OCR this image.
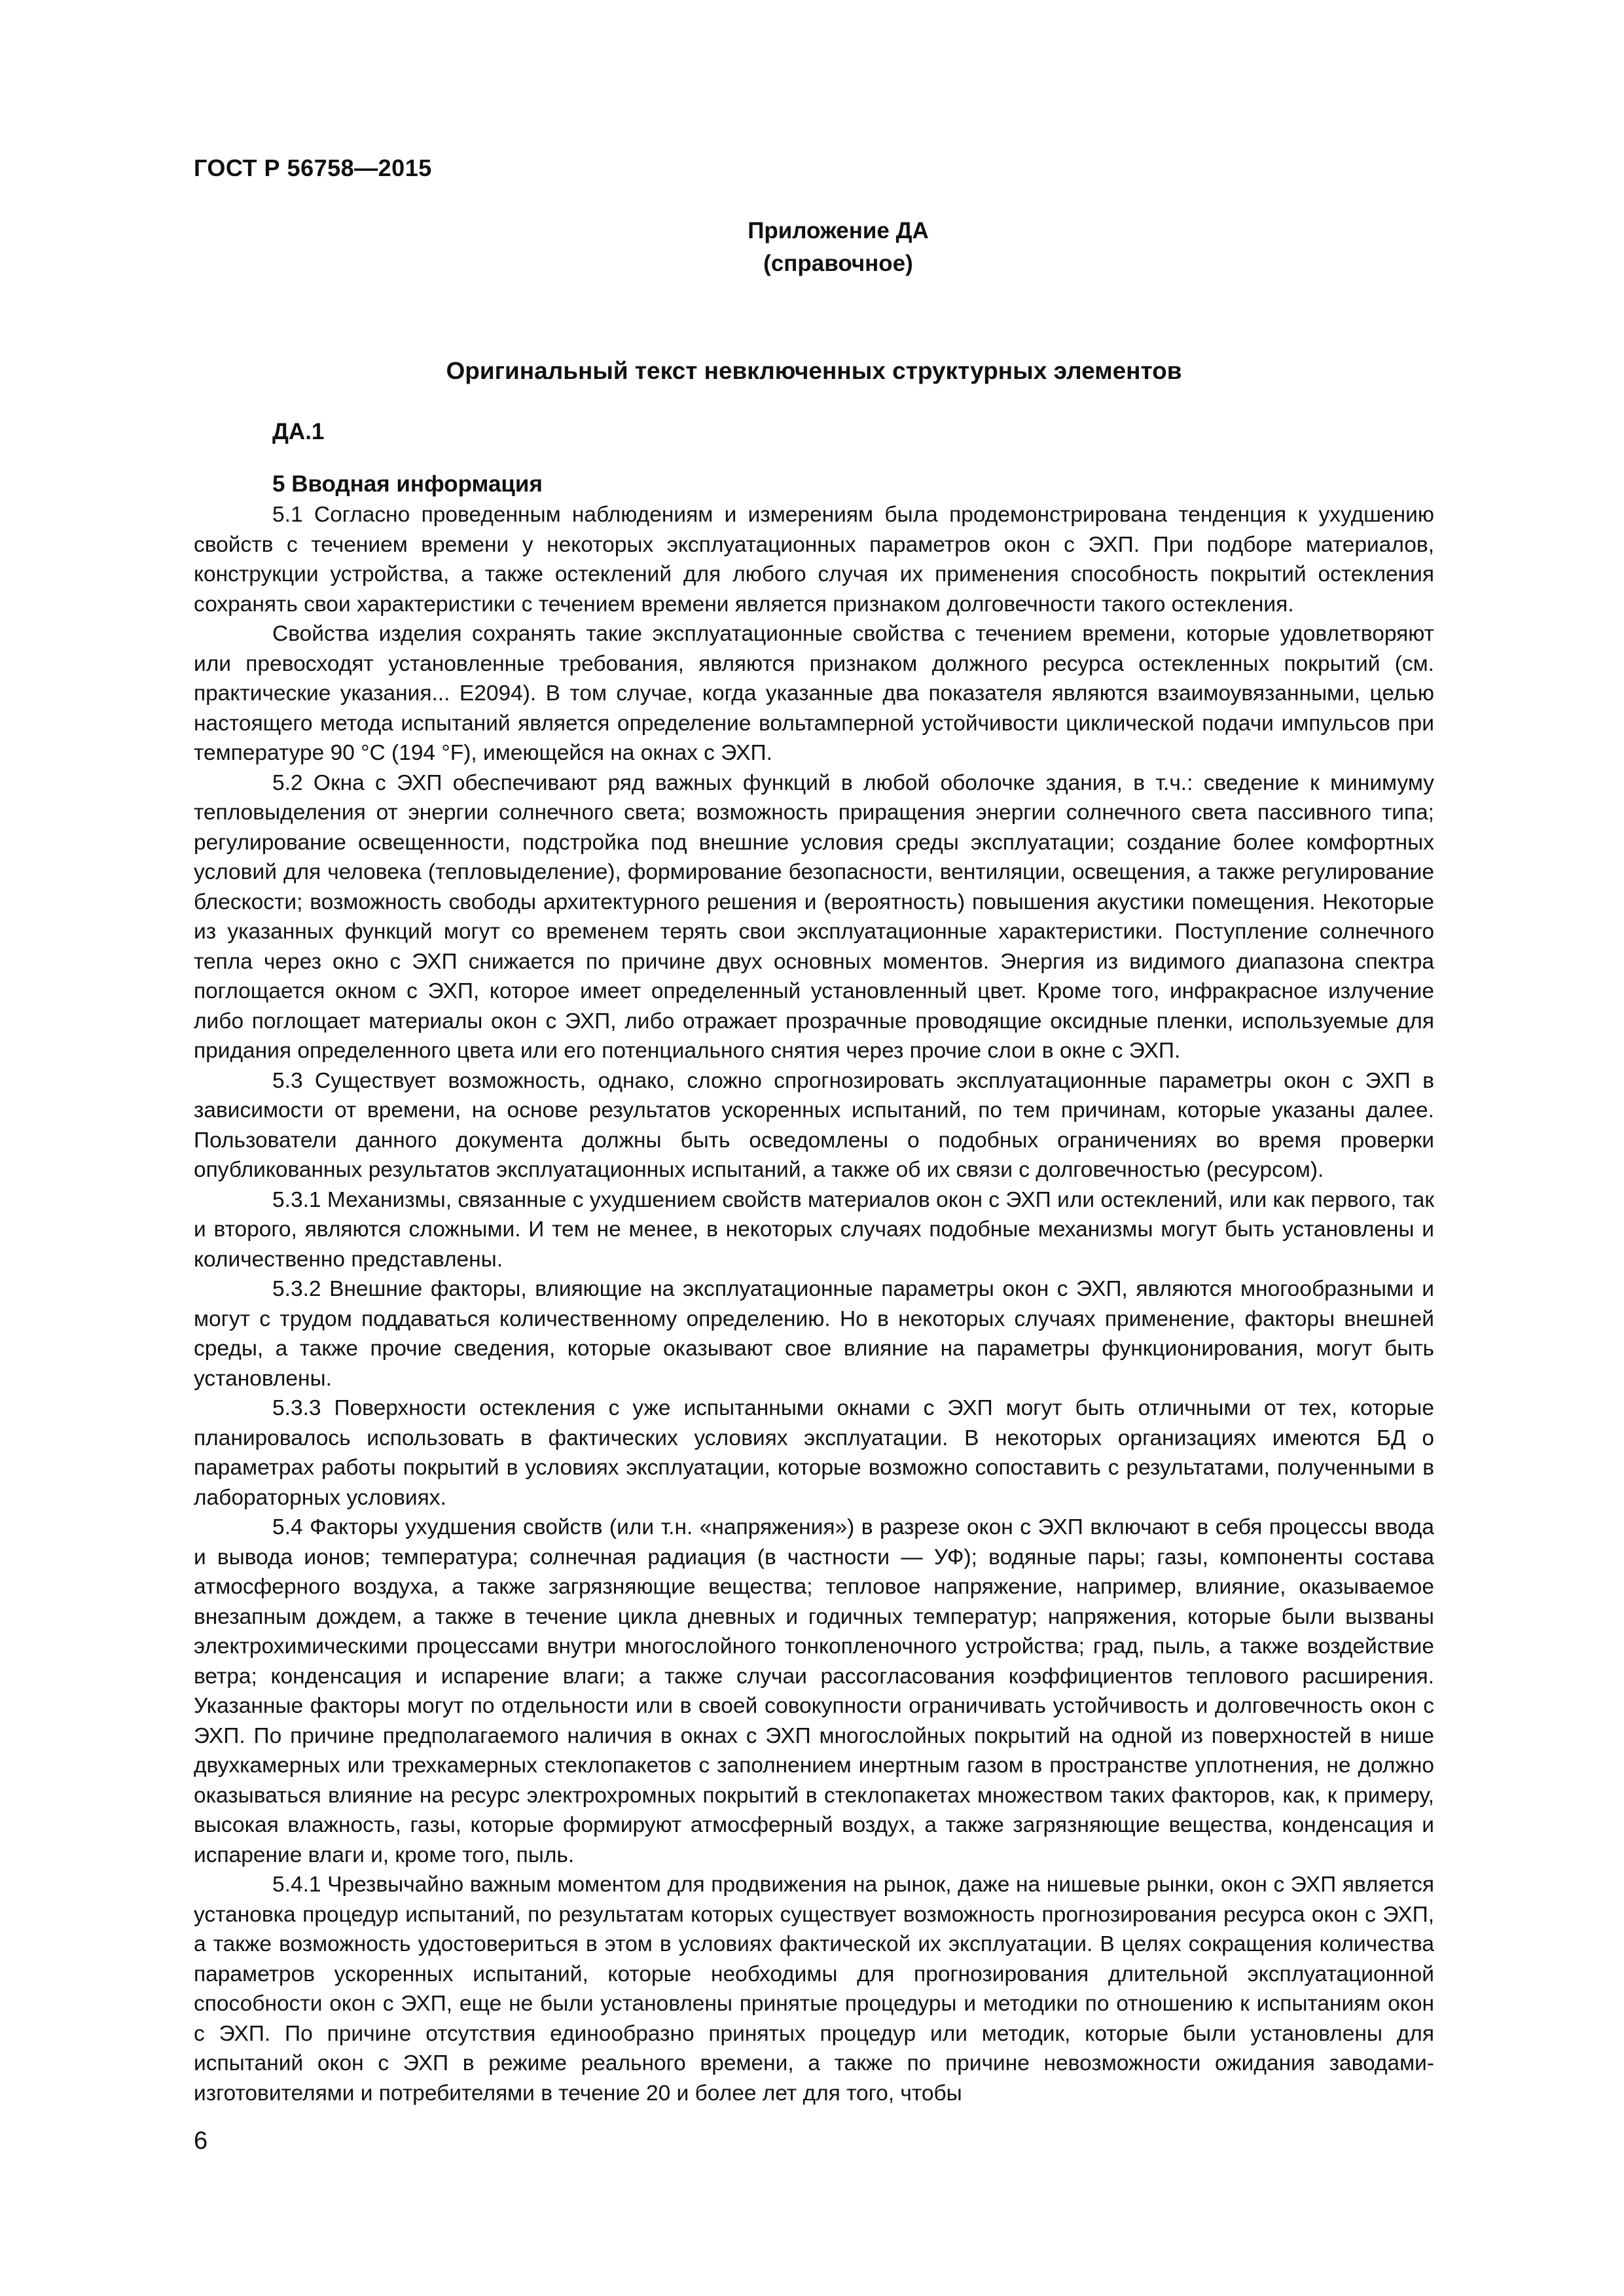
ГОСТ Р 56758—2015
Приложение ДА
(справочное)
Оригинальный текст невключенных структурных элементов
ДА.1
5 Вводная информация

5.1 Согласно проведенным наблюдениям и измерениям была продемонстрирована тенденция к ухудшению свойств с течением времени у некоторых эксплуатационных параметров окон с ЭХП. При подборе материалов, конструкции устройства, а также остеклений для любого случая их применения способность покрытий остекления сохранять свои характеристики с течением времени является признаком долговечности такого остекления.

Свойства изделия сохранять такие эксплуатационные свойства с течением времени, которые удовлетворяют или превосходят установленные требования, являются признаком должного ресурса остекленных покрытий (см. практические указания... E2094). В том случае, когда указанные два показателя являются взаимоувязанными, целью настоящего метода испытаний является определение вольтамперной устойчивости циклической подачи импульсов при температуре 90 °С (194 °F), имеющейся на окнах с ЭХП.

5.2 Окна с ЭХП обеспечивают ряд важных функций в любой оболочке здания, в т.ч.: сведение к минимуму тепловыделения от энергии солнечного света; возможность приращения энергии солнечного света пассивного типа; регулирование освещенности, подстройка под внешние условия среды эксплуатации; создание более комфортных условий для человека (тепловыделение), формирование безопасности, вентиляции, освещения, а также регулирование блескости; возможность свободы архитектурного решения и (вероятность) повышения акустики помещения. Некоторые из указанных функций могут со временем терять свои эксплуатационные характеристики. Поступление солнечного тепла через окно с ЭХП снижается по причине двух основных моментов. Энергия из видимого диапазона спектра поглощается окном с ЭХП, которое имеет определенный установленный цвет. Кроме того, инфракрасное излучение либо поглощает материалы окон с ЭХП, либо отражает прозрачные проводящие оксидные пленки, используемые для придания определенного цвета или его потенциального снятия через прочие слои в окне с ЭХП.

5.3 Существует возможность, однако, сложно спрогнозировать эксплуатационные параметры окон с ЭХП в зависимости от времени, на основе результатов ускоренных испытаний, по тем причинам, которые указаны далее. Пользователи данного документа должны быть осведомлены о подобных ограничениях во время проверки опубликованных результатов эксплуатационных испытаний, а также об их связи с долговечностью (ресурсом).

5.3.1 Механизмы, связанные с ухудшением свойств материалов окон с ЭХП или остеклений, или как первого, так и второго, являются сложными. И тем не менее, в некоторых случаях подобные механизмы могут быть установлены и количественно представлены.

5.3.2 Внешние факторы, влияющие на эксплуатационные параметры окон с ЭХП, являются многообразными и могут с трудом поддаваться количественному определению. Но в некоторых случаях применение, факторы внешней среды, а также прочие сведения, которые оказывают свое влияние на параметры функционирования, могут быть установлены.

5.3.3 Поверхности остекления с уже испытанными окнами с ЭХП могут быть отличными от тех, которые планировалось использовать в фактических условиях эксплуатации. В некоторых организациях имеются БД о параметрах работы покрытий в условиях эксплуатации, которые возможно сопоставить с результатами, полученными в лабораторных условиях.

5.4 Факторы ухудшения свойств (или т.н. «напряжения») в разрезе окон с ЭХП включают в себя процессы ввода и вывода ионов; температура; солнечная радиация (в частности — УФ); водяные пары; газы, компоненты состава атмосферного воздуха, а также загрязняющие вещества; тепловое напряжение, например, влияние, оказываемое внезапным дождем, а также в течение цикла дневных и годичных температур; напряжения, которые были вызваны электрохимическими процессами внутри многослойного тонкопленочного устройства; град, пыль, а также воздействие ветра; конденсация и испарение влаги; а также случаи рассогласования коэффициентов теплового расширения. Указанные факторы могут по отдельности или в своей совокупности ограничивать устойчивость и долговечность окон с ЭХП. По причине предполагаемого наличия в окнах с ЭХП многослойных покрытий на одной из поверхностей в нише двухкамерных или трехкамерных стеклопакетов с заполнением инертным газом в пространстве уплотнения, не должно оказываться влияние на ресурс электрохромных покрытий в стеклопакетах множеством таких факторов, как, к примеру, высокая влажность, газы, которые формируют атмосферный воздух, а также загрязняющие вещества, конденсация и испарение влаги и, кроме того, пыль.

5.4.1 Чрезвычайно важным моментом для продвижения на рынок, даже на нишевые рынки, окон с ЭХП является установка процедур испытаний, по результатам которых существует возможность прогнозирования ресурса окон с ЭХП, а также возможность удостовериться в этом в условиях фактической их эксплуатации. В целях сокращения количества параметров ускоренных испытаний, которые необходимы для прогнозирования длительной эксплуатационной способности окон с ЭХП, еще не были установлены принятые процедуры и методики по отношению к испытаниям окон с ЭХП. По причине отсутствия единообразно принятых процедур или методик, которые были установлены для испытаний окон с ЭХП в режиме реального времени, а также по причине невозможности ожидания заводами-изготовителями и потребителями в течение 20 и более лет для того, чтобы

6
